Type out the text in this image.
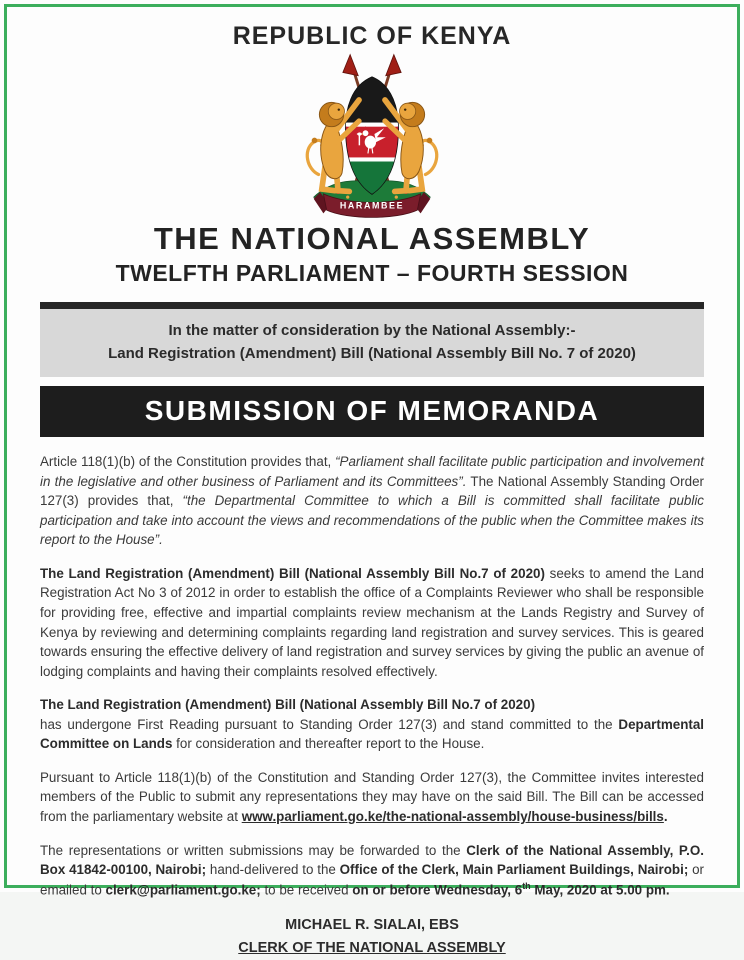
REPUBLIC OF KENYA
HARAMBEE
THE NATIONAL ASSEMBLY
TWELFTH PARLIAMENT – FOURTH SESSION
In the matter of consideration by the National Assembly:-
Land Registration (Amendment) Bill (National Assembly Bill No. 7 of 2020)
SUBMISSION OF MEMORANDA

Article 118(1)(b) of the Constitution provides that, “Parliament shall facilitate public participation and involvement in the legislative and other business of Parliament and its Committees”. The National Assembly Standing Order 127(3) provides that, “the Departmental Committee to which a Bill is committed shall facilitate public participation and take into account the views and recommendations of the public when the Committee makes its report to the House”.

The Land Registration (Amendment) Bill (National Assembly Bill No.7 of 2020) seeks to amend the Land Registration Act No 3 of 2012 in order to establish the office of a Complaints Reviewer who shall be responsible for providing free, effective and impartial complaints review mechanism at the Lands Registry and Survey of Kenya by reviewing and determining complaints regarding land registration and survey services. This is geared towards ensuring the effective delivery of land registration and survey services by giving the public an avenue of lodging complaints and having their complaints resolved effectively.

The Land Registration (Amendment) Bill (National Assembly Bill No.7 of 2020)
has undergone First Reading pursuant to Standing Order 127(3) and stand committed to the Departmental Committee on Lands for consideration and thereafter report to the House.

Pursuant to Article 118(1)(b) of the Constitution and Standing Order 127(3), the Committee invites interested members of the Public to submit any representations they may have on the said Bill. The Bill can be accessed from the parliamentary website at www.parliament.go.ke/the-national-assembly/house-business/bills.

The representations or written submissions may be forwarded to the Clerk of the National Assembly, P.O. Box 41842-00100, Nairobi; hand-delivered to the Office of the Clerk, Main Parliament Buildings, Nairobi; or emailed to clerk@parliament.go.ke; to be received on or before Wednesday, 6th May, 2020 at 5.00 pm.

MICHAEL R. SIALAI, EBS
CLERK OF THE NATIONAL ASSEMBLY
